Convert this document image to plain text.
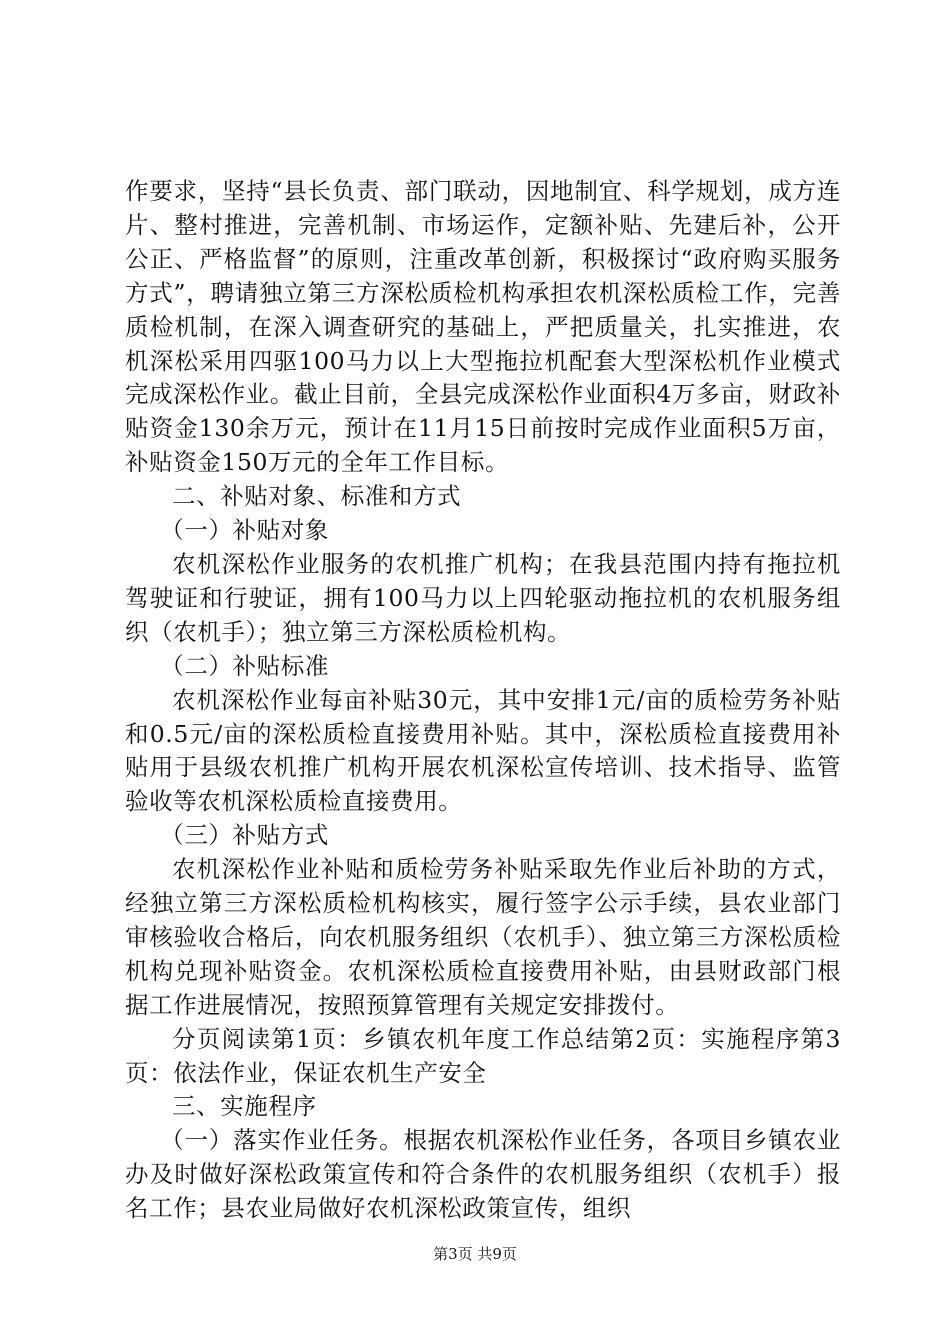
作要求，坚持“县长负责、部门联动，因地制宜、科学规划，成方连片、整村推进，完善机制、市场运作，定额补贴、先建后补，公开公正、严格监督”的原则，注重改革创新，积极探讨“政府购买服务方式”，聘请独立第三方深松质检机构承担农机深松质检工作，完善质检机制，在深入调查研究的基础上，严把质量关，扎实推进，农机深松采用四驱100马力以上大型拖拉机配套大型深松机作业模式完成深松作业。截止目前，全县完成深松作业面积4万多亩，财政补贴资金130余万元，预计在11月15日前按时完成作业面积5万亩，补贴资金150万元的全年工作目标。

二、补贴对象、标准和方式

（一）补贴对象

农机深松作业服务的农机推广机构；在我县范围内持有拖拉机驾驶证和行驶证，拥有100马力以上四轮驱动拖拉机的农机服务组织（农机手）；独立第三方深松质检机构。

（二）补贴标准

农机深松作业每亩补贴30元，其中安排1元/亩的质检劳务补贴和0.5元/亩的深松质检直接费用补贴。其中，深松质检直接费用补贴用于县级农机推广机构开展农机深松宣传培训、技术指导、监管验收等农机深松质检直接费用。

（三）补贴方式

农机深松作业补贴和质检劳务补贴采取先作业后补助的方式，经独立第三方深松质检机构核实，履行签字公示手续，县农业部门审核验收合格后，向农机服务组织（农机手）、独立第三方深松质检机构兑现补贴资金。农机深松质检直接费用补贴，由县财政部门根据工作进展情况，按照预算管理有关规定安排拨付。

分页阅读第1页：乡镇农机年度工作总结第2页：实施程序第3页：依法作业，保证农机生产安全

三、实施程序

（一）落实作业任务。根据农机深松作业任务，各项目乡镇农业办及时做好深松政策宣传和符合条件的农机服务组织（农机手）报名工作；县农业局做好农机深松政策宣传，组织

第3页 共9页
